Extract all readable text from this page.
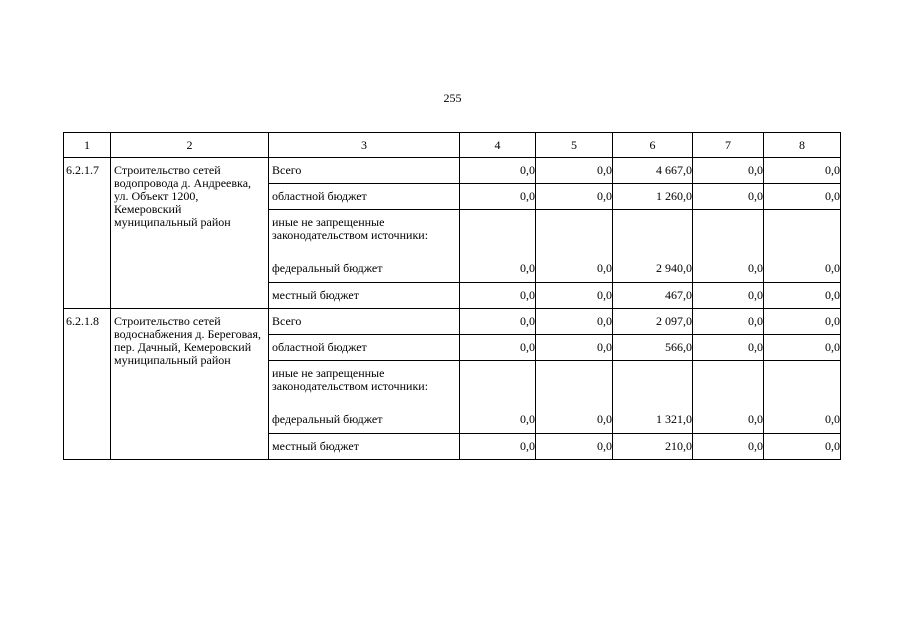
255
1	2	3	4	5	6	7	8
6.2.1.7	Строительство сетей водопровода д. Андреевка, ул. Объект 1200, Кемеровский муниципальный район	Всего	0,0	0,0	4 667,0	0,0	0,0
		областной бюджет	0,0	0,0	1 260,0	0,0	0,0
		иные не запрещенные законодательством источники:					
		федеральный бюджет	0,0	0,0	2 940,0	0,0	0,0
		местный бюджет	0,0	0,0	467,0	0,0	0,0
6.2.1.8	Строительство сетей водоснабжения д. Береговая, пер. Дачный, Кемеровский муниципальный район	Всего	0,0	0,0	2 097,0	0,0	0,0
		областной бюджет	0,0	0,0	566,0	0,0	0,0
		иные не запрещенные законодательством источники:					
		федеральный бюджет	0,0	0,0	1 321,0	0,0	0,0
		местный бюджет	0,0	0,0	210,0	0,0	0,0
